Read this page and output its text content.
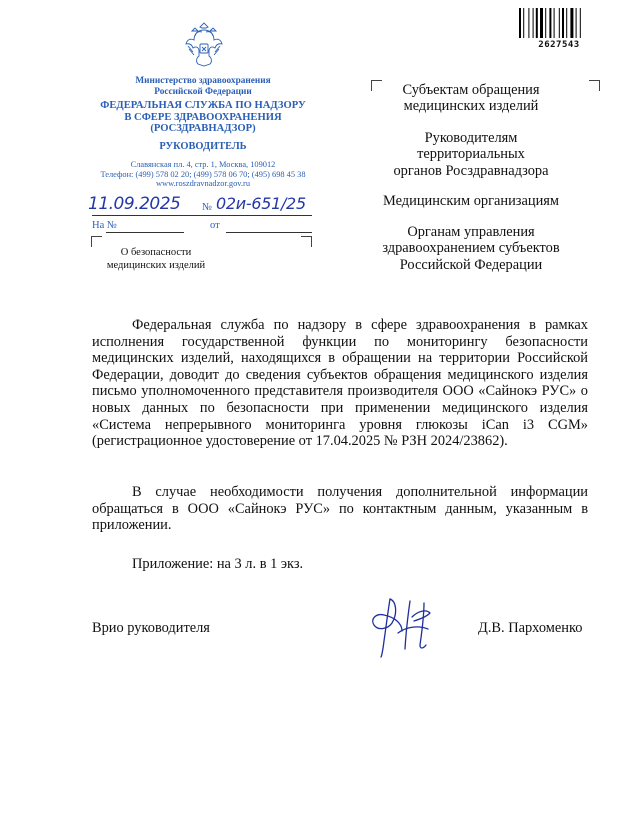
2627543
Министерство здравоохранения
Российской Федерации
ФЕДЕРАЛЬНАЯ СЛУЖБА ПО НАДЗОРУ
В СФЕРЕ ЗДРАВООХРАНЕНИЯ
(РОСЗДРАВНАДЗОР)
РУКОВОДИТЕЛЬ
Славянская пл. 4, стр. 1, Москва, 109012
Телефон: (499) 578 02 20; (499) 578 06 70; (495) 698 45 38
www.roszdravnadzor.gov.ru
11.09.2025 № 02и-651/25
На №	от
О безопасности
медицинских изделий
Субъектам обращения
медицинских изделий
Руководителям
территориальных
органов Росздравнадзора
Медицинским организациям
Органам управления
здравоохранением субъектов
Российской Федерации
Федеральная служба по надзору в сфере здравоохранения в рамках исполнения государственной функции по мониторингу безопасности медицинских изделий, находящихся в обращении на территории Российской Федерации, доводит до сведения субъектов обращения медицинского изделия письмо уполномоченного представителя производителя ООО «Сайнокэ РУС» о новых данных по безопасности при применении медицинского изделия «Система непрерывного мониторинга уровня глюкозы iCan i3 CGM» (регистрационное удостоверение от 17.04.2025 № РЗН 2024/23862).
В случае необходимости получения дополнительной информации обращаться в ООО «Сайнокэ РУС» по контактным данным, указанным в приложении.
Приложение: на 3 л. в 1 экз.
Врио руководителя	Д.В. Пархоменко
